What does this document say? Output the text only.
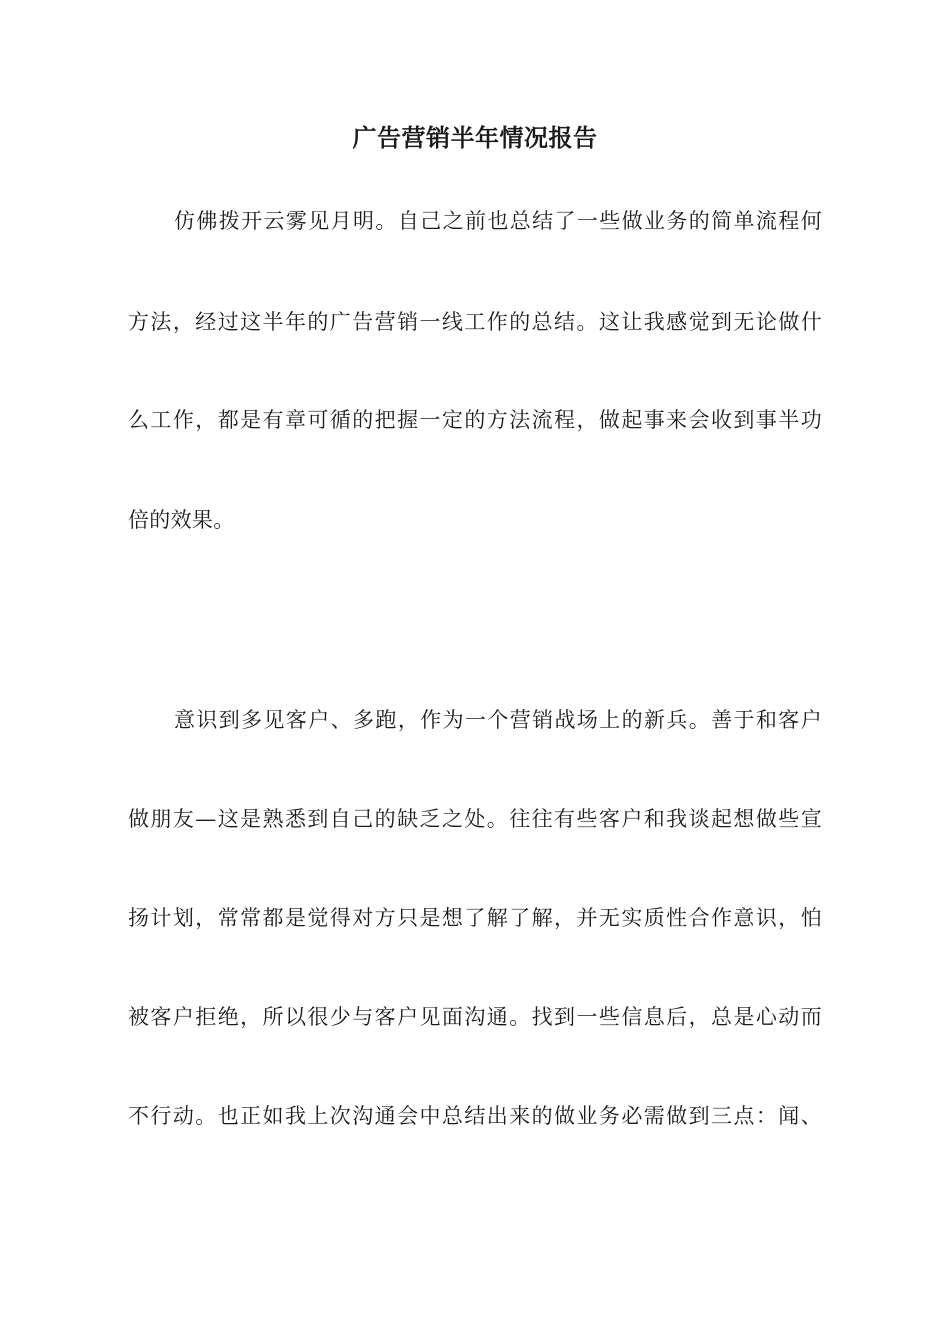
广告营销半年情况报告
仿佛拨开云雾见月明。自己之前也总结了一些做业务的简单流程何
方法，经过这半年的广告营销一线工作的总结。这让我感觉到无论做什
么工作，都是有章可循的把握一定的方法流程，做起事来会收到事半功
倍的效果。
意识到多见客户、多跑，作为一个营销战场上的新兵。善于和客户
做朋友—这是熟悉到自己的缺乏之处。往往有些客户和我谈起想做些宣
扬计划，常常都是觉得对方只是想了解了解，并无实质性合作意识，怕
被客户拒绝，所以很少与客户见面沟通。找到一些信息后，总是心动而
不行动。也正如我上次沟通会中总结出来的做业务必需做到三点：闻、
